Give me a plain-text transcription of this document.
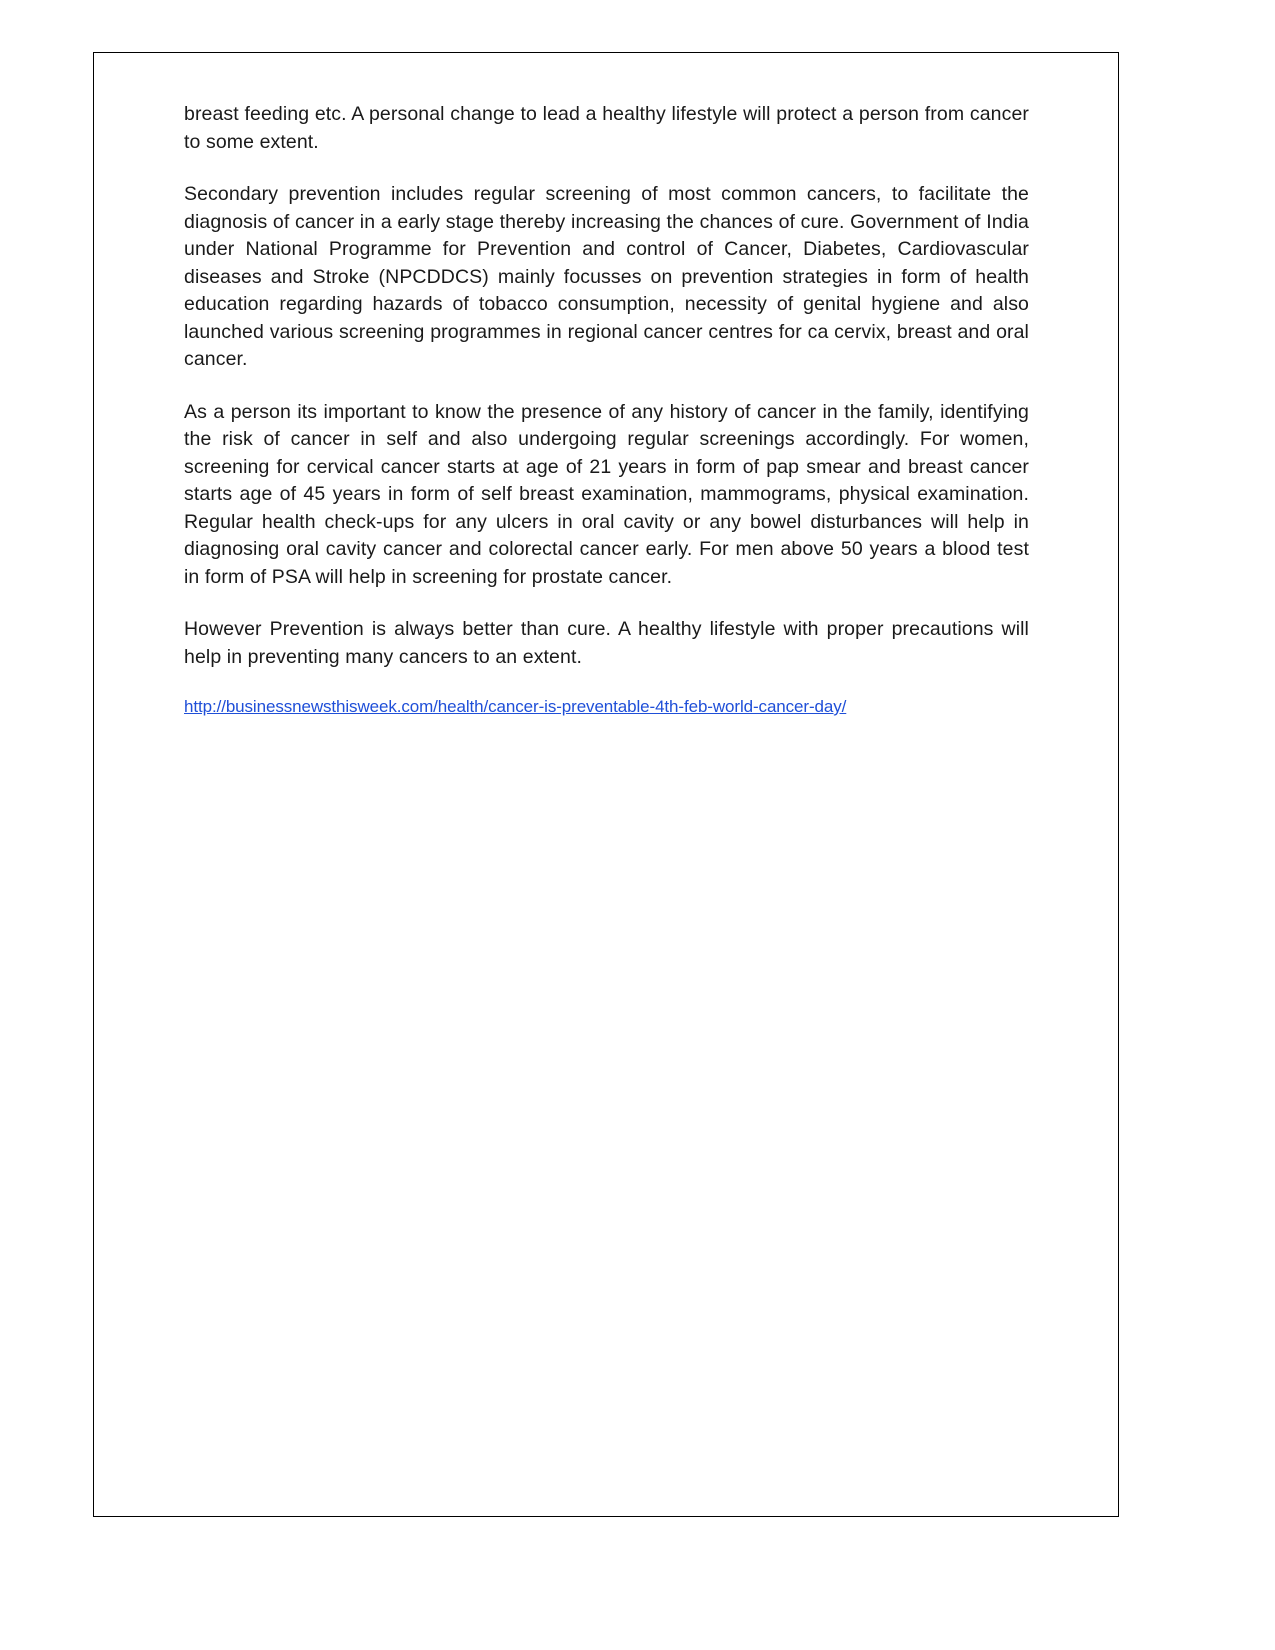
breast feeding etc. A personal change to lead a healthy lifestyle will protect a person from cancer to some extent.

Secondary prevention includes regular screening of most common cancers, to facilitate the diagnosis of cancer in a early stage thereby increasing the chances of cure. Government of India under National Programme for Prevention and control of Cancer, Diabetes, Cardiovascular diseases and Stroke (NPCDDCS) mainly focusses on prevention strategies in form of health education regarding hazards of tobacco consumption, necessity of genital hygiene and also launched various screening programmes in regional cancer centres for ca cervix, breast and oral cancer.

As a person its important to know the presence of any history of cancer in the family, identifying the risk of cancer in self and also undergoing regular screenings accordingly. For women, screening for cervical cancer starts at age of 21 years in form of pap smear and breast cancer starts age of 45 years in form of self breast examination, mammograms, physical examination. Regular health check-ups for any ulcers in oral cavity or any bowel disturbances will help in diagnosing oral cavity cancer and colorectal cancer early. For men above 50 years a blood test in form of PSA will help in screening for prostate cancer.

However Prevention is always better than cure. A healthy lifestyle with proper precautions will help in preventing many cancers to an extent.

http://businessnewsthisweek.com/health/cancer-is-preventable-4th-feb-world-cancer-day/
